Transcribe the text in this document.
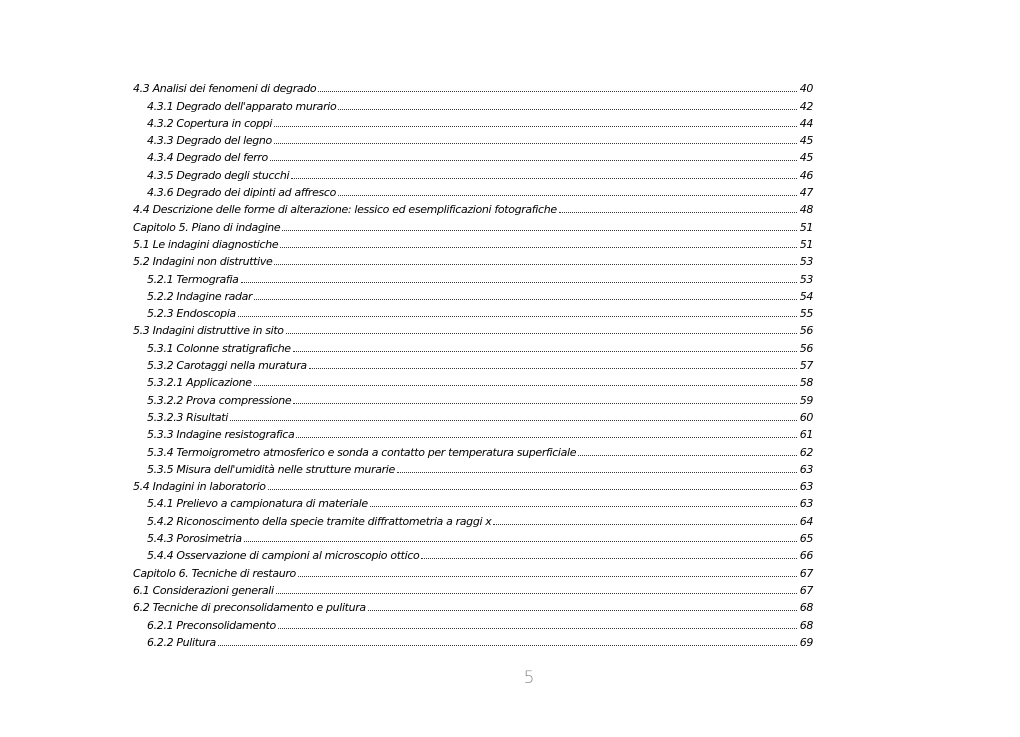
4.3 Analisi dei fenomeni di degrado	40
4.3.1 Degrado dell'apparato murario	42
4.3.2 Copertura in coppi	44
4.3.3 Degrado del legno	45
4.3.4 Degrado del ferro	45
4.3.5 Degrado degli stucchi	46
4.3.6 Degrado dei dipinti ad affresco	47
4.4 Descrizione delle forme di alterazione: lessico ed esemplificazioni fotografiche	48
Capitolo 5. Piano di indagine	51
5.1 Le indagini diagnostiche	51
5.2 Indagini non distruttive	53
5.2.1 Termografia	53
5.2.2 Indagine radar	54
5.2.3 Endoscopia	55
5.3 Indagini distruttive in sito	56
5.3.1 Colonne stratigrafiche	56
5.3.2 Carotaggi nella muratura	57
5.3.2.1 Applicazione	58
5.3.2.2 Prova compressione	59
5.3.2.3 Risultati	60
5.3.3 Indagine resistografica	61
5.3.4 Termoigrometro atmosferico e sonda a contatto per temperatura superficiale	62
5.3.5 Misura dell'umidità nelle strutture murarie	63
5.4 Indagini in laboratorio	63
5.4.1 Prelievo a campionatura di materiale	63
5.4.2 Riconoscimento della specie tramite diffrattometria a raggi x	64
5.4.3 Porosimetria	65
5.4.4 Osservazione di campioni al microscopio ottico	66
Capitolo 6. Tecniche di restauro	67
6.1 Considerazioni generali	67
6.2 Tecniche di preconsolidamento e pulitura	68
6.2.1 Preconsolidamento	68
6.2.2 Pulitura	69
5
